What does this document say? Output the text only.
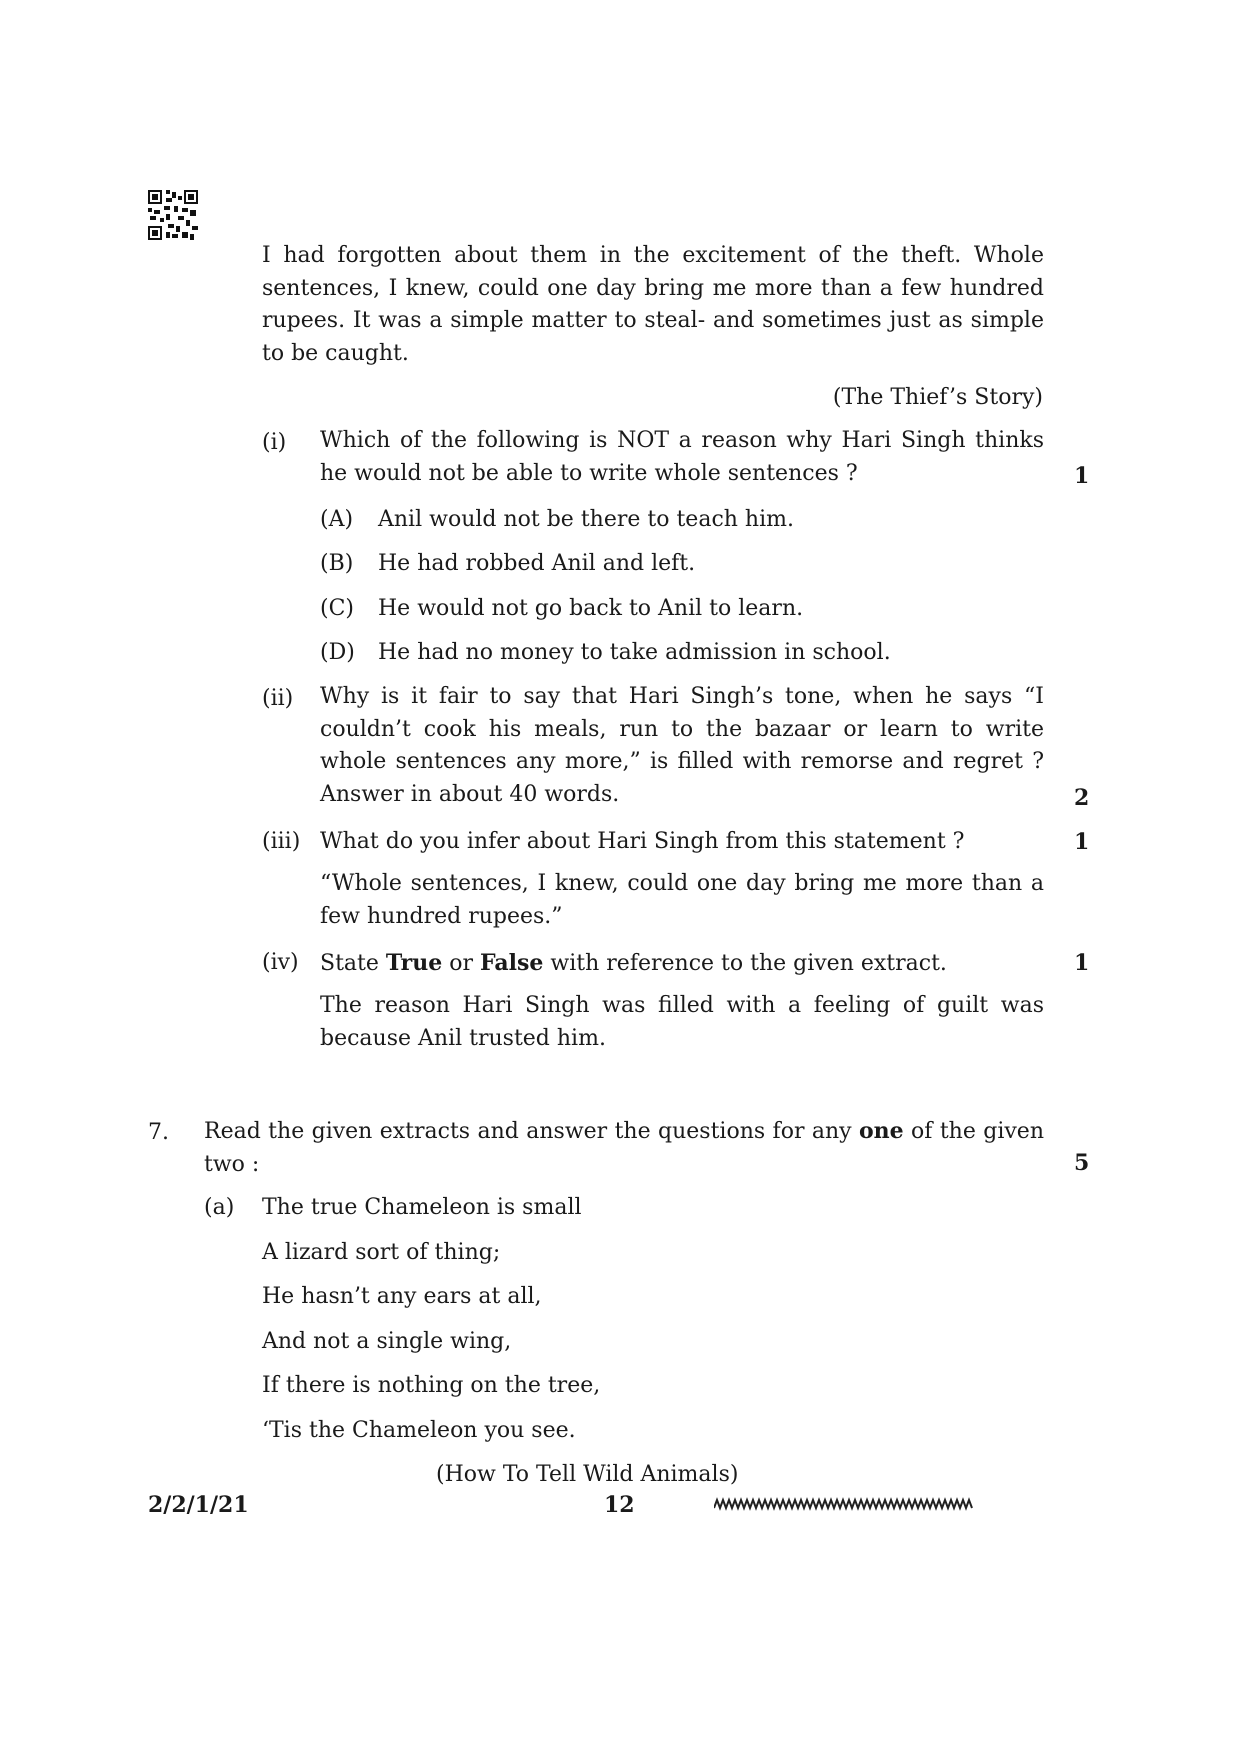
I had forgotten about them in the excitement of the theft. Whole sentences, I knew, could one day bring me more than a few hundred rupees. It was a simple matter to steal- and sometimes just as simple to be caught.
(The Thief’s Story)
(i) Which of the following is NOT a reason why Hari Singh thinks he would not be able to write whole sentences ?	1
(A) Anil would not be there to teach him.
(B) He had robbed Anil and left.
(C) He would not go back to Anil to learn.
(D) He had no money to take admission in school.
(ii) Why is it fair to say that Hari Singh’s tone, when he says “I couldn’t cook his meals, run to the bazaar or learn to write whole sentences any more,” is filled with remorse and regret ? Answer in about 40 words.	2
(iii) What do you infer about Hari Singh from this statement ?	1
“Whole sentences, I knew, could one day bring me more than a few hundred rupees.”
(iv) State True or False with reference to the given extract.	1
The reason Hari Singh was filled with a feeling of guilt was because Anil trusted him.
7. Read the given extracts and answer the questions for any one of the given two :	5
(a) The true Chameleon is small
A lizard sort of thing;
He hasn’t any ears at all,
And not a single wing,
If there is nothing on the tree,
‘Tis the Chameleon you see.
(How To Tell Wild Animals)
2/2/1/21	12
